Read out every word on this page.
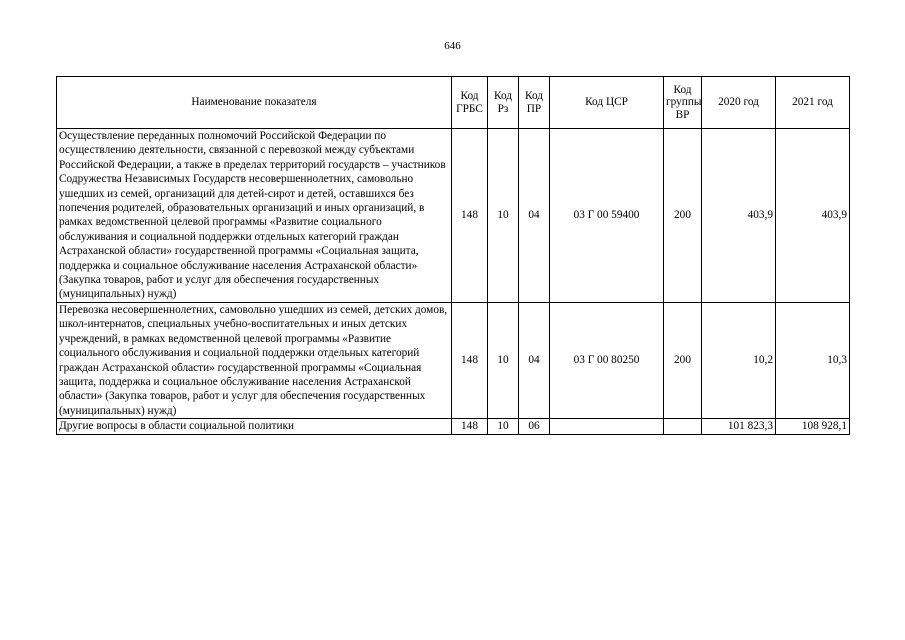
646
Наименование показателя	Код ГРБС	Код Рз	Код ПР	Код ЦСР	Код группы ВР	2020 год	2021 год
Осуществление переданных полномочий Российской Федерации по осуществлению деятельности, связанной с перевозкой между субъектами Российской Федерации, а также в пределах территорий государств – участников Содружества Независимых Государств несовершеннолетних, самовольно ушедших из семей, организаций для детей-сирот и детей, оставшихся без попечения родителей, образовательных организаций и иных организаций, в рамках ведомственной целевой программы «Развитие социального обслуживания и социальной поддержки отдельных категорий граждан Астраханской области» государственной программы «Социальная защита, поддержка и социальное обслуживание населения Астраханской области» (Закупка товаров, работ и услуг для обеспечения государственных (муниципальных) нужд)	148	10	04	03 Г 00 59400	200	403,9	403,9
Перевозка несовершеннолетних, самовольно ушедших из семей, детских домов, школ-интернатов, специальных учебно-воспитательных и иных детских учреждений, в рамках ведомственной целевой программы «Развитие социального обслуживания и социальной поддержки отдельных категорий граждан Астраханской области» государственной программы «Социальная защита, поддержка и социальное обслуживание населения Астраханской области» (Закупка товаров, работ и услуг для обеспечения государственных (муниципальных) нужд)	148	10	04	03 Г 00 80250	200	10,2	10,3
Другие вопросы в области социальной политики	148	10	06			101 823,3	108 928,1
